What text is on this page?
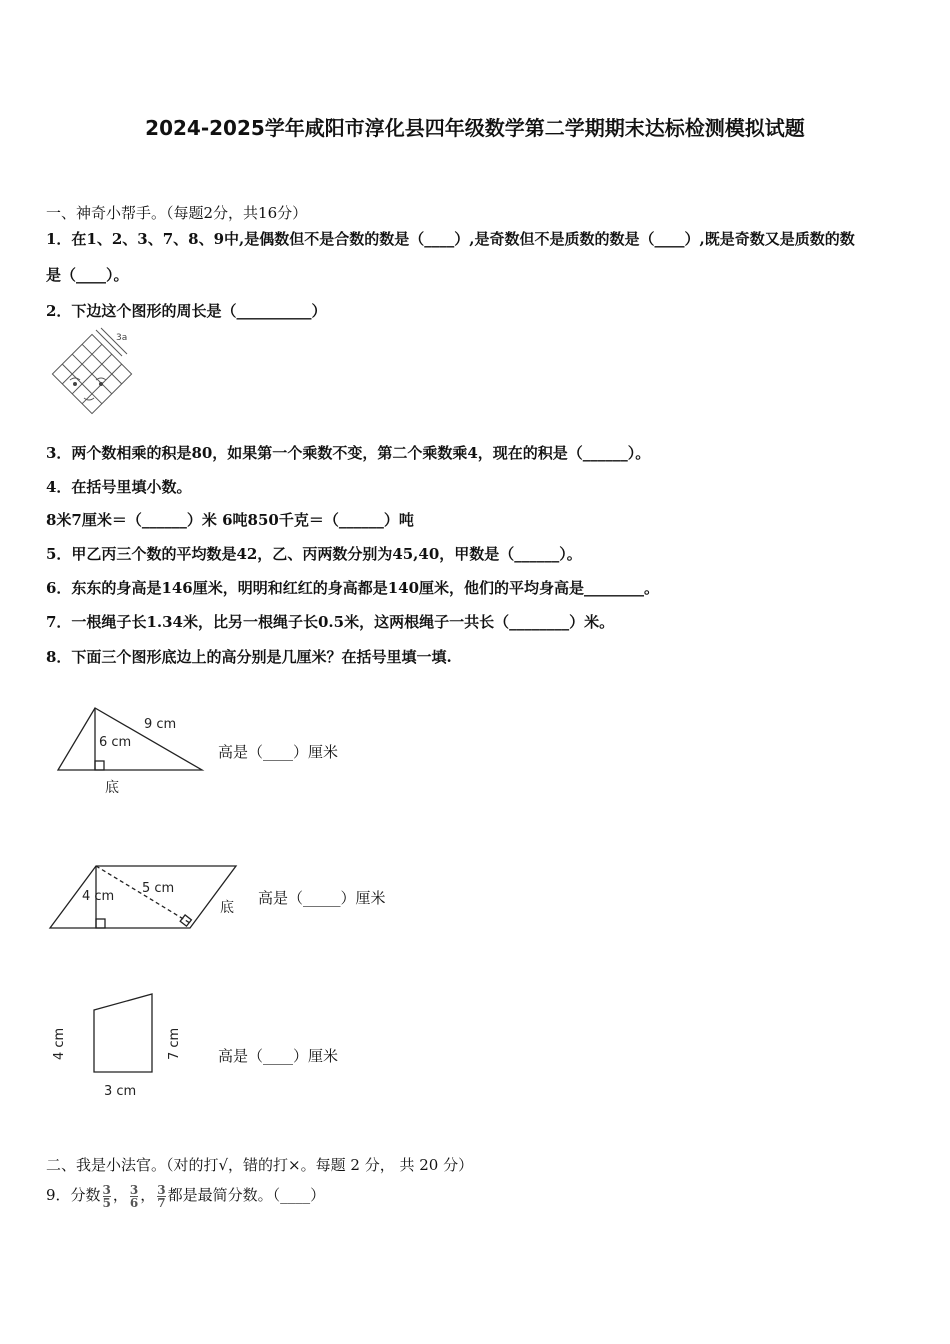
2024-2025学年咸阳市淳化县四年级数学第二学期期末达标检测模拟试题
一、神奇小帮手。（每题2分，共16分）
1．在1、2、3、7、8、9中,是偶数但不是合数的数是（____）,是奇数但不是质数的数是（____）,既是奇数又是质数的数
是（____）。
2．下边这个图形的周长是（__________）
3a
3．两个数相乘的积是80，如果第一个乘数不变，第二个乘数乘4，现在的积是（______）。
4．在括号里填小数。
8米7厘米＝（______）米 6吨850千克＝（______）吨
5．甲乙丙三个数的平均数是42，乙、丙两数分别为45,40，甲数是（______）。
6．东东的身高是146厘米，明明和红红的身高都是140厘米，他们的平均身高是________。
7．一根绳子长1.34米，比另一根绳子长0.5米，这两根绳子一共长（________）米。
8．下面三个图形底边上的高分别是几厘米？在括号里填一填.
9 cm
6 cm
底
高是（____）厘米
4 cm
5 cm
底
高是（_____）厘米
4 cm	7 cm
3 cm
高是（____）厘米
二、我是小法官。（对的打√，错的打×。每题 2 分， 共 20 分）
9．分数 $\frac{3}{5}$ ， $\frac{3}{6}$ ， $\frac{3}{7}$ 都是最简分数。（____）
